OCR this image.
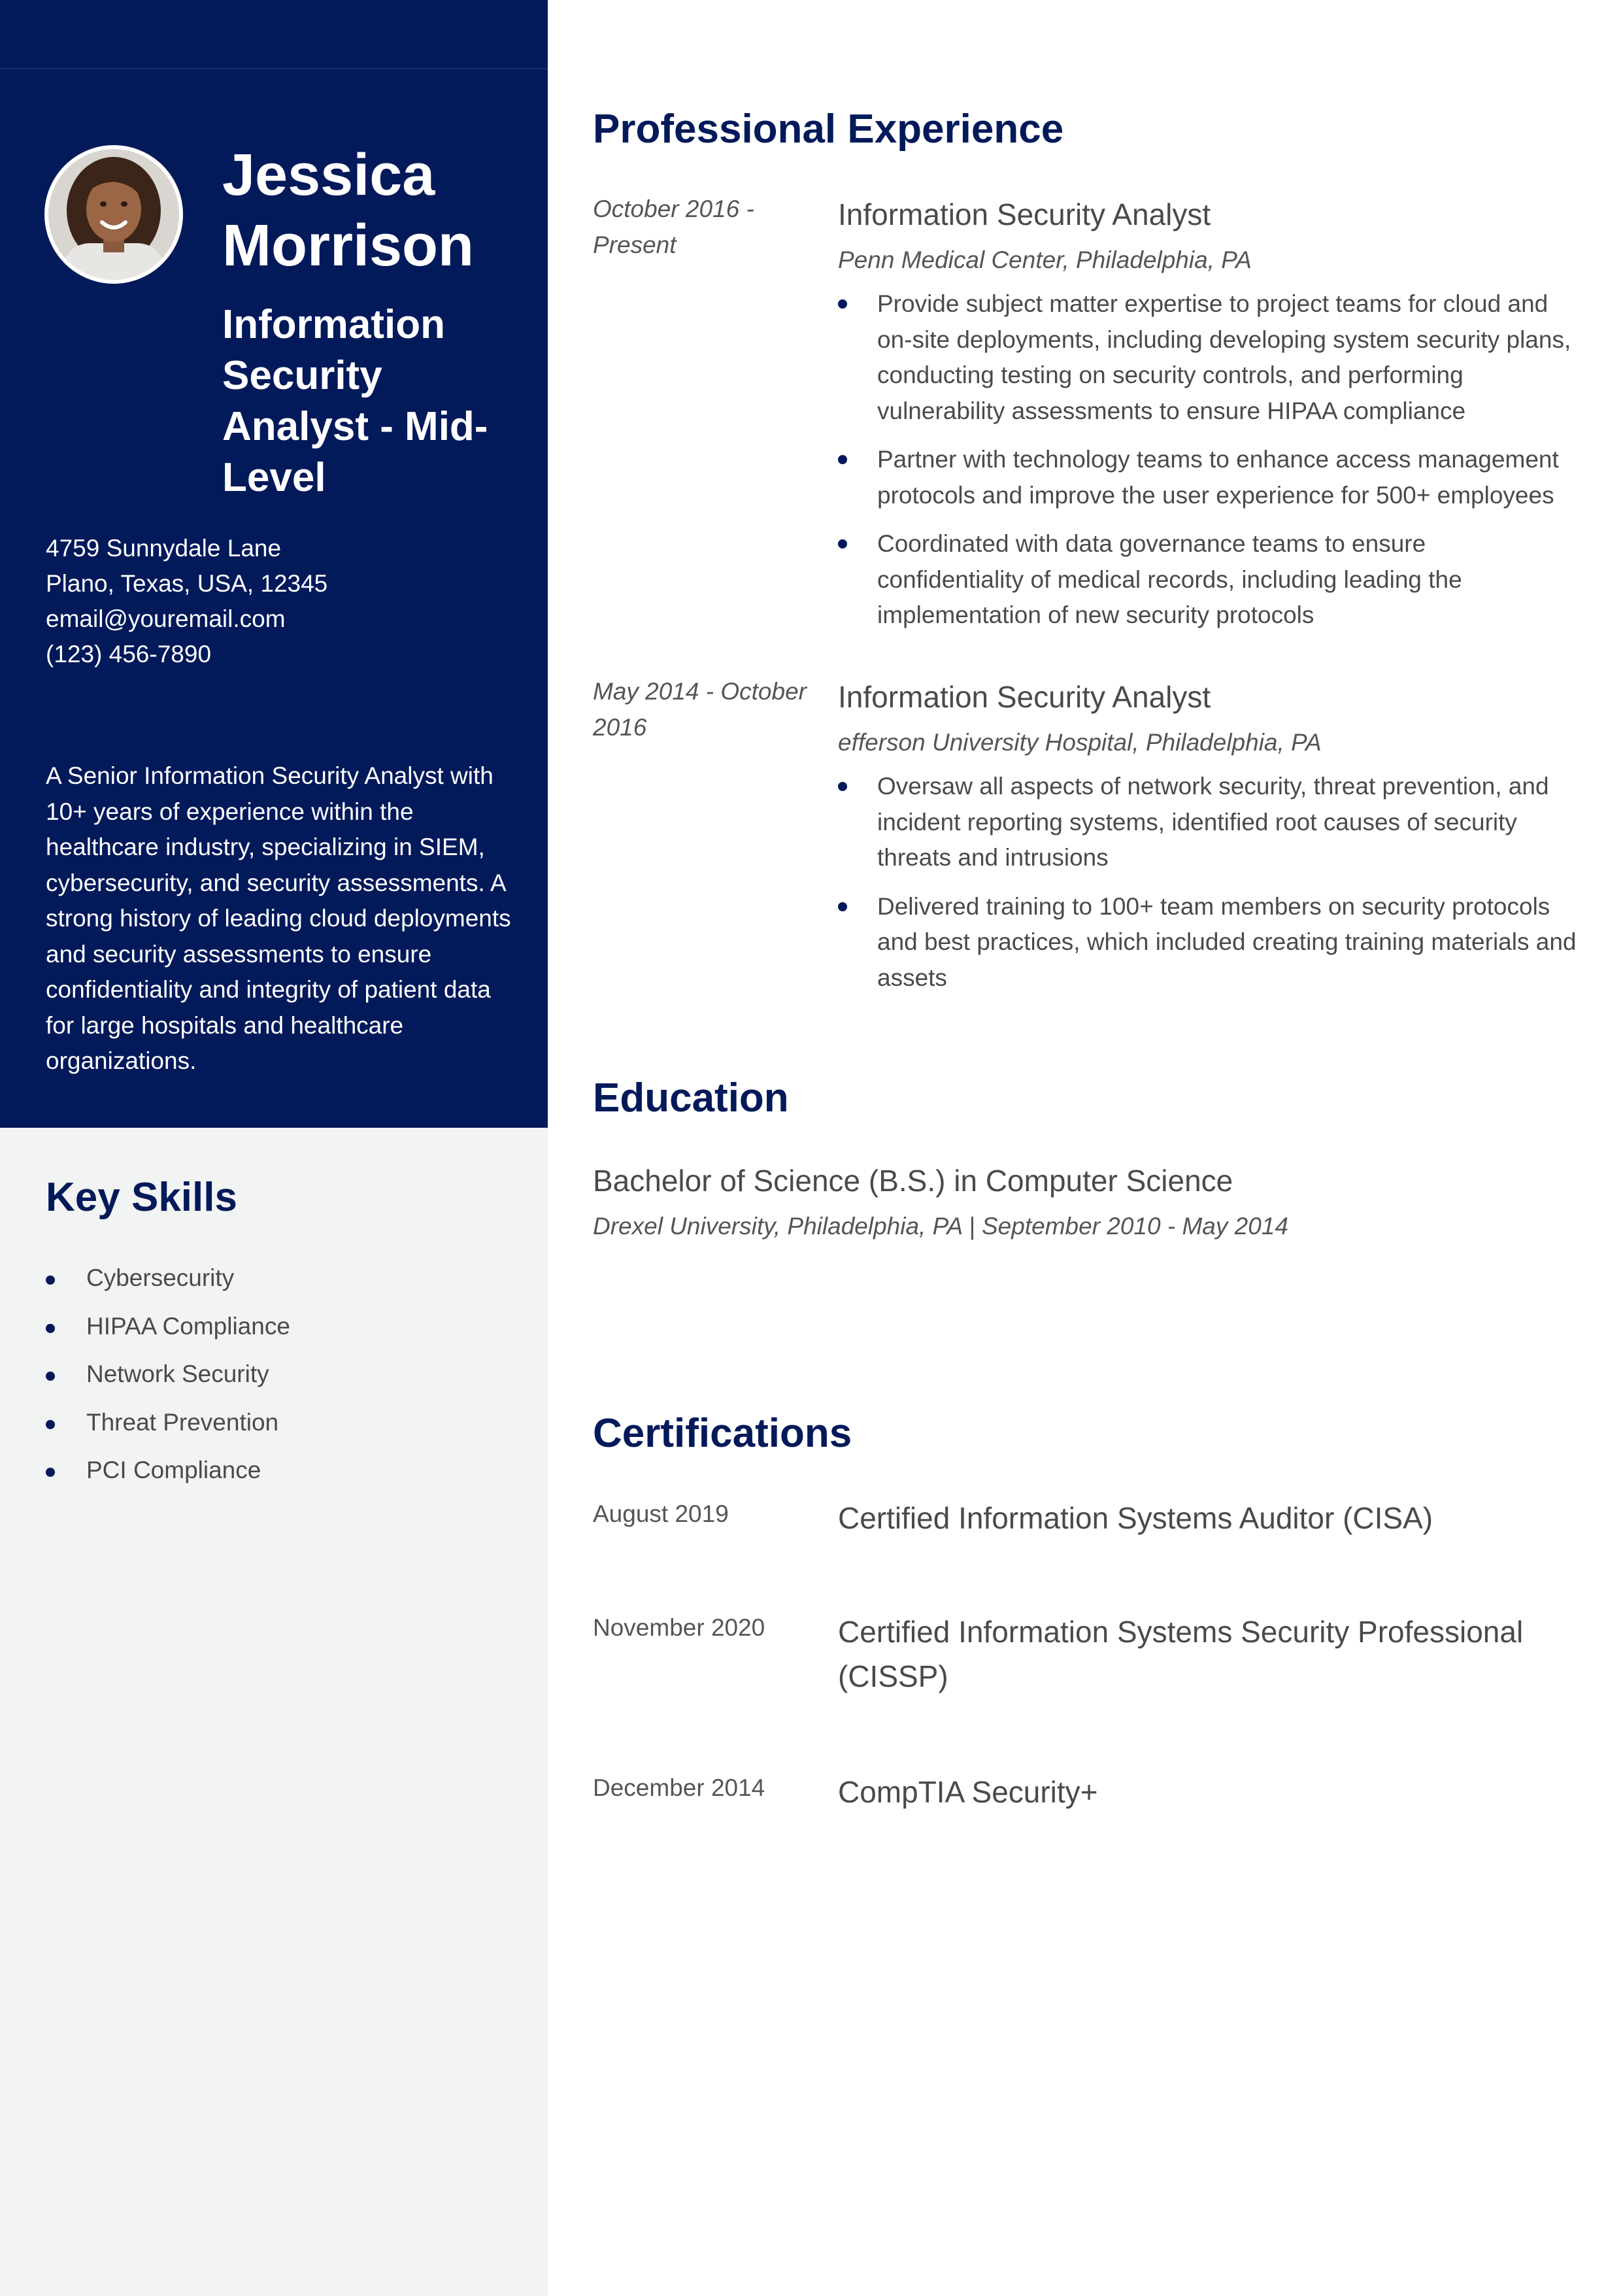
Jessica
Morrison
Information Security Analyst - Mid-Level
4759 Sunnydale Lane
Plano, Texas, USA, 12345
email@youremail.com
(123) 456-7890
A Senior Information Security Analyst with 10+ years of experience within the healthcare industry, specializing in SIEM, cybersecurity, and security assessments. A strong history of leading cloud deployments and security assessments to ensure confidentiality and integrity of patient data for large hospitals and healthcare organizations.
Key Skills
Cybersecurity
HIPAA Compliance
Network Security
Threat Prevention
PCI Compliance
Professional Experience
October 2016 - Present
Information Security Analyst
Penn Medical Center, Philadelphia, PA
Provide subject matter expertise to project teams for cloud and on-site deployments, including developing system security plans, conducting testing on security controls, and performing vulnerability assessments to ensure HIPAA compliance
Partner with technology teams to enhance access management protocols and improve the user experience for 500+ employees
Coordinated with data governance teams to ensure confidentiality of medical records, including leading the implementation of new security protocols
May 2014 - October 2016
Information Security Analyst
efferson University Hospital, Philadelphia, PA
Oversaw all aspects of network security, threat prevention, and incident reporting systems, identified root causes of security threats and intrusions
Delivered training to 100+ team members on security protocols and best practices, which included creating training materials and assets
Education
Bachelor of Science (B.S.) in Computer Science
Drexel University, Philadelphia, PA | September 2010 - May 2014
Certifications
August 2019	Certified Information Systems Auditor (CISA)
November 2020	Certified Information Systems Security Professional (CISSP)
December 2014	CompTIA Security+
